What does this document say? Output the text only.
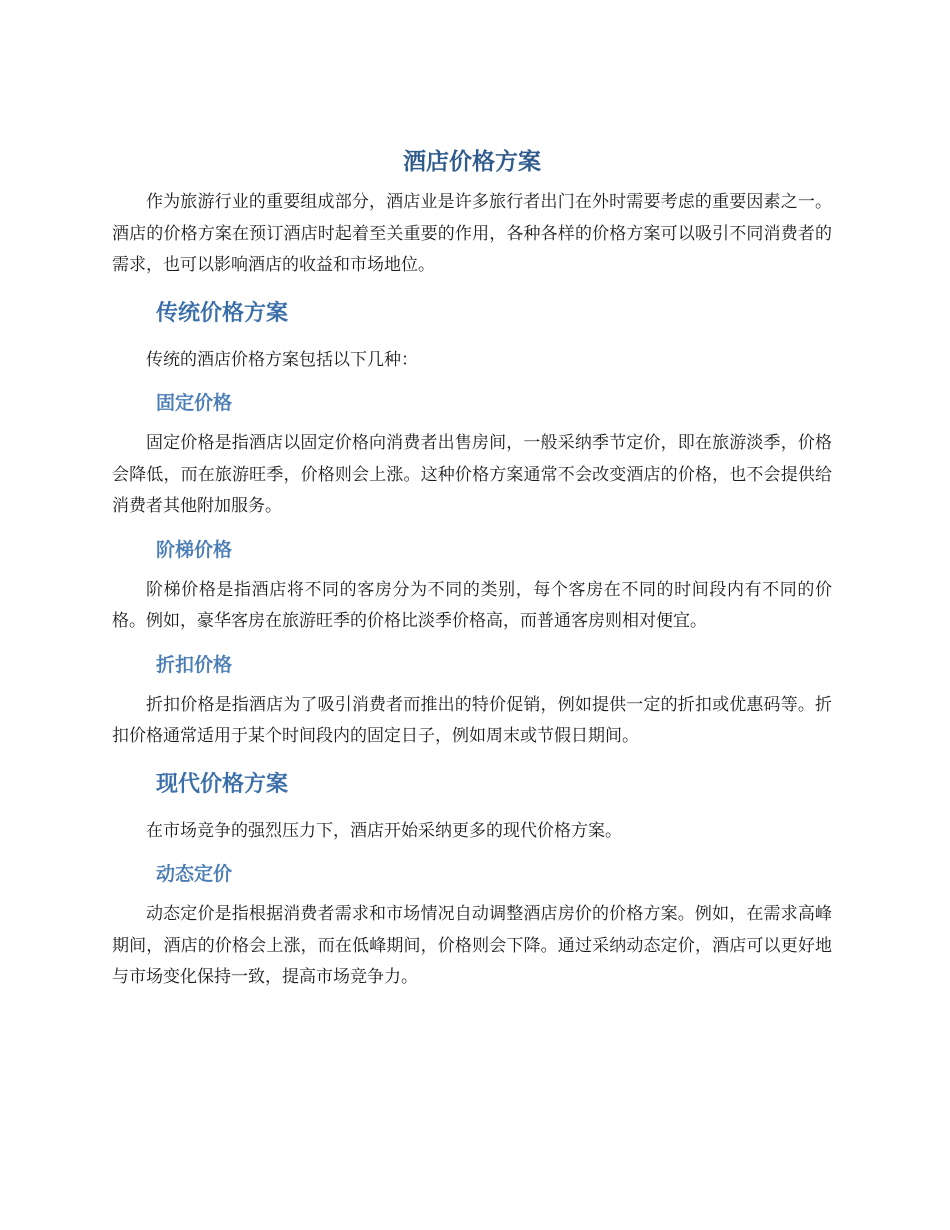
酒店价格方案

作为旅游行业的重要组成部分，酒店业是许多旅行者出门在外时需要考虑的重要因素之一。酒店的价格方案在预订酒店时起着至关重要的作用，各种各样的价格方案可以吸引不同消费者的需求，也可以影响酒店的收益和市场地位。

传统价格方案

传统的酒店价格方案包括以下几种：

固定价格

固定价格是指酒店以固定价格向消费者出售房间，一般采纳季节定价，即在旅游淡季，价格会降低，而在旅游旺季，价格则会上涨。这种价格方案通常不会改变酒店的价格，也不会提供给消费者其他附加服务。

阶梯价格

阶梯价格是指酒店将不同的客房分为不同的类别，每个客房在不同的时间段内有不同的价格。例如，豪华客房在旅游旺季的价格比淡季价格高，而普通客房则相对便宜。

折扣价格

折扣价格是指酒店为了吸引消费者而推出的特价促销，例如提供一定的折扣或优惠码等。折扣价格通常适用于某个时间段内的固定日子，例如周末或节假日期间。

现代价格方案

在市场竞争的强烈压力下，酒店开始采纳更多的现代价格方案。

动态定价

动态定价是指根据消费者需求和市场情况自动调整酒店房价的价格方案。例如，在需求高峰期间，酒店的价格会上涨，而在低峰期间，价格则会下降。通过采纳动态定价，酒店可以更好地与市场变化保持一致，提高市场竞争力。
